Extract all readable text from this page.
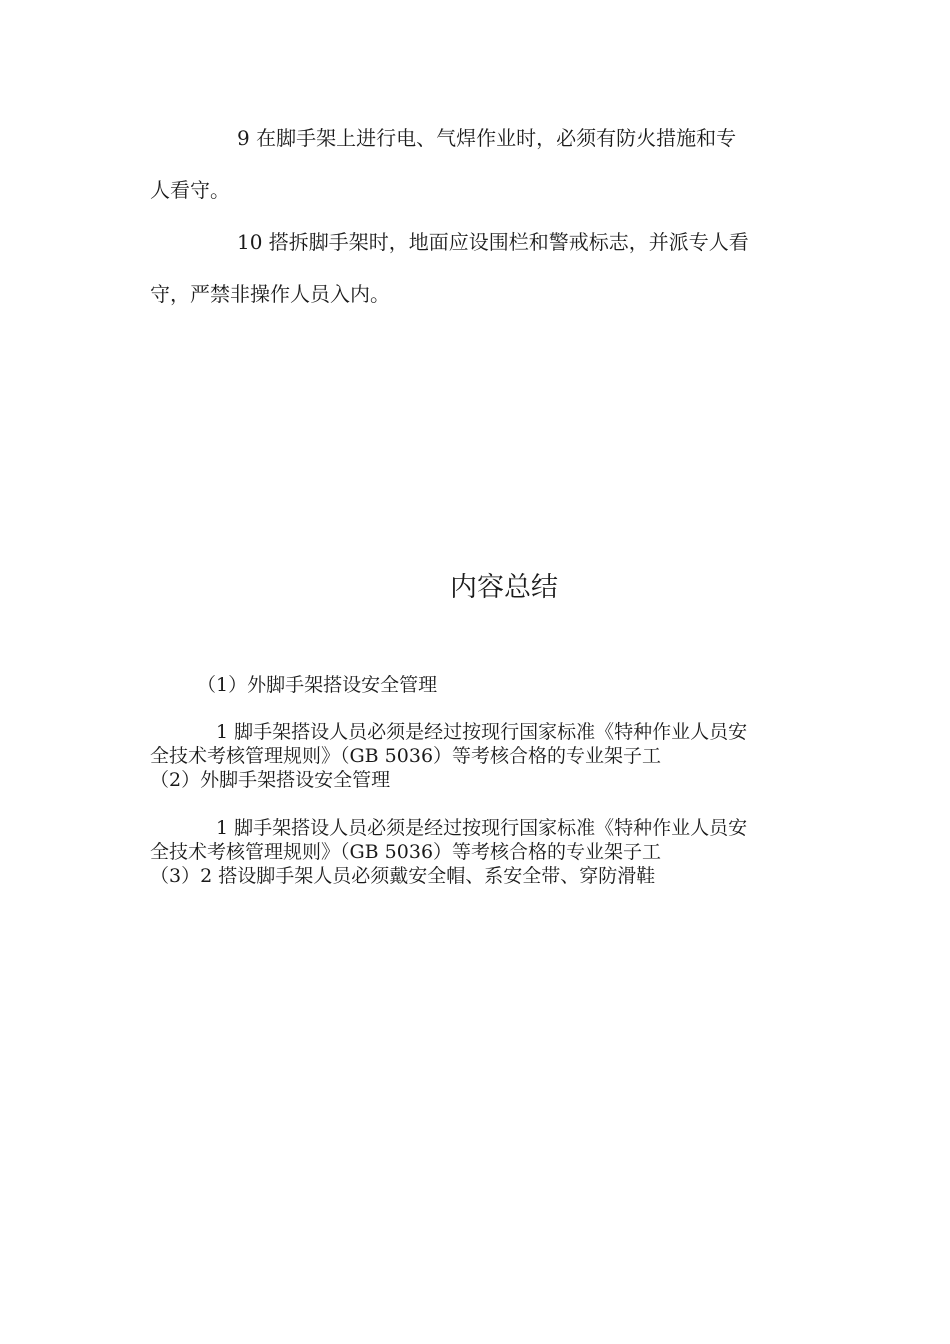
9 在脚手架上进行电、气焊作业时，必须有防火措施和专
人看守。
10 搭拆脚手架时，地面应设围栏和警戒标志，并派专人看
守，严禁非操作人员入内。
内容总结
（1）外脚手架搭设安全管理
1 脚手架搭设人员必须是经过按现行国家标准《特种作业人员安
全技术考核管理规则》（GB 5036）等考核合格的专业架子工
（2）外脚手架搭设安全管理
1 脚手架搭设人员必须是经过按现行国家标准《特种作业人员安
全技术考核管理规则》（GB 5036）等考核合格的专业架子工
（3）2 搭设脚手架人员必须戴安全帽、系安全带、穿防滑鞋
